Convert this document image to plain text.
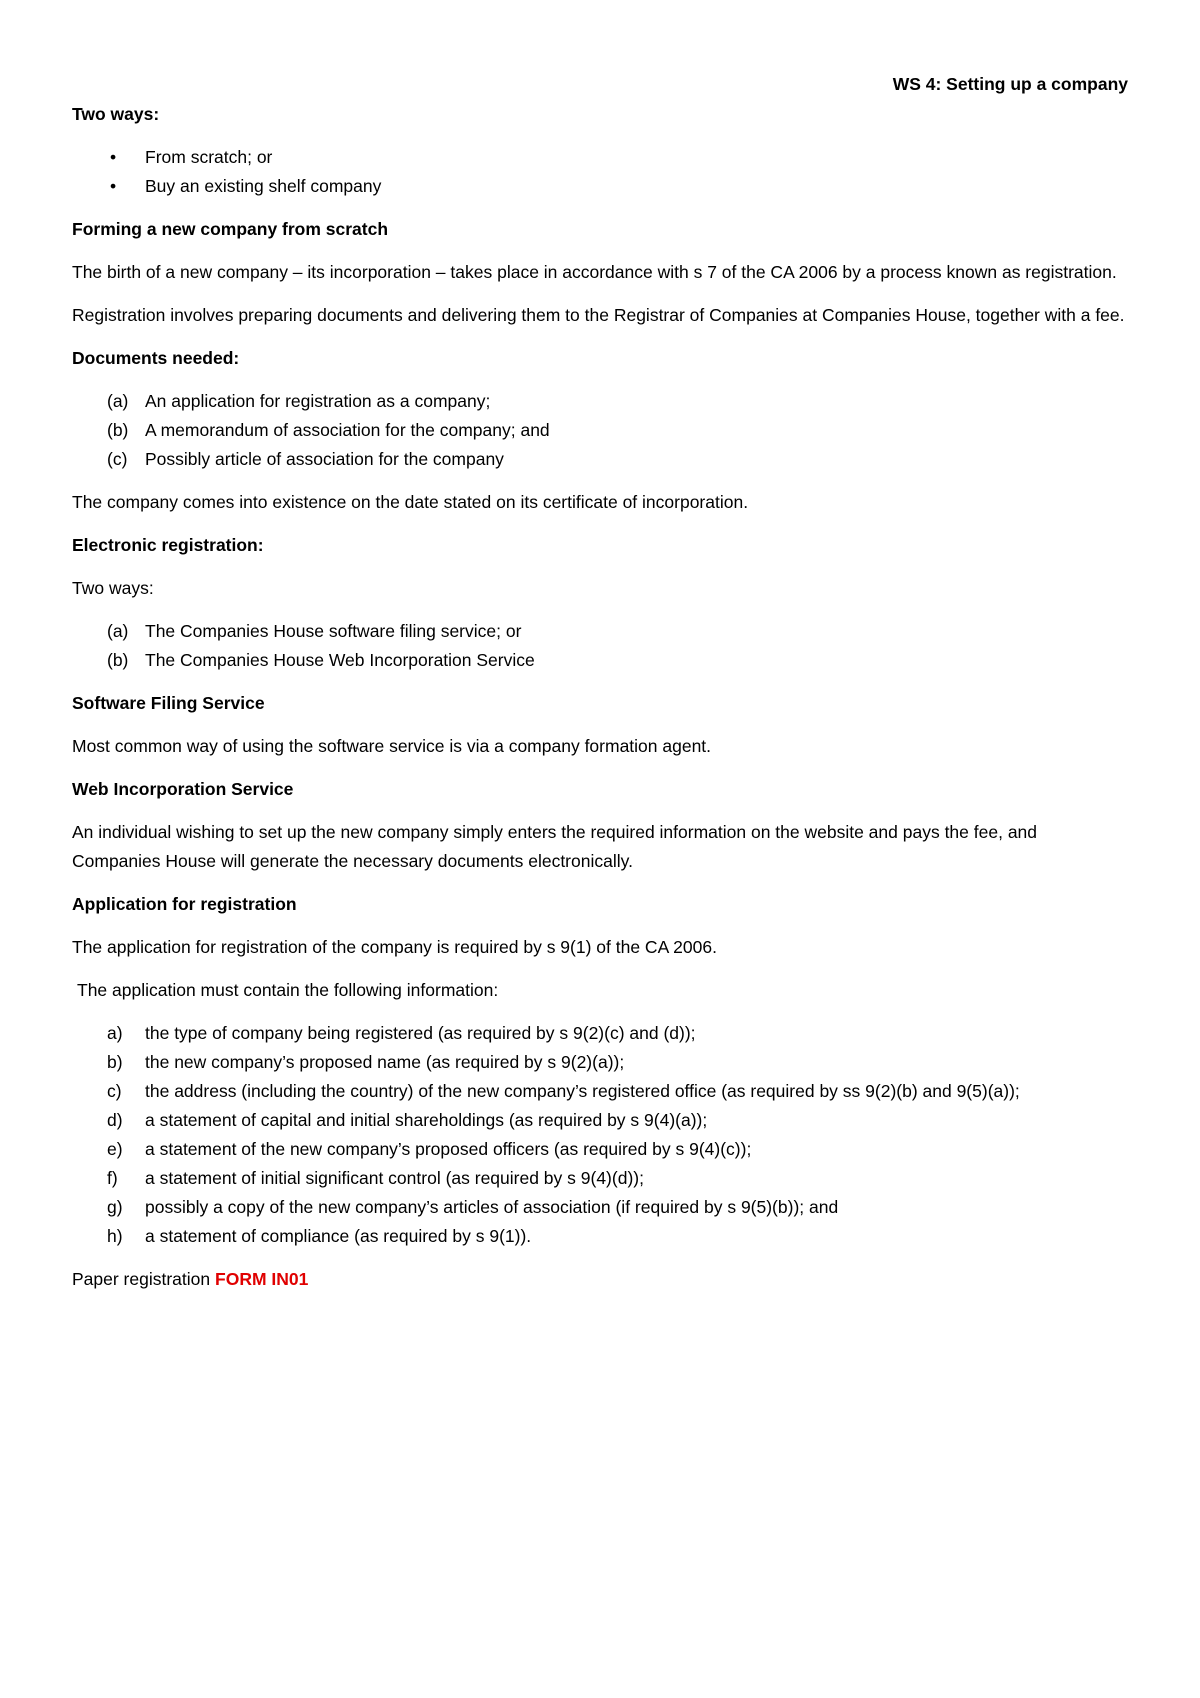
WS 4: Setting up a company

Two ways:

• From scratch; or
• Buy an existing shelf company

Forming a new company from scratch

The birth of a new company – its incorporation – takes place in accordance with s 7 of the CA 2006 by a process known as registration.

Registration involves preparing documents and delivering them to the Registrar of Companies at Companies House, together with a fee.

Documents needed:

(a) An application for registration as a company;
(b) A memorandum of association for the company; and
(c) Possibly article of association for the company

The company comes into existence on the date stated on its certificate of incorporation.

Electronic registration:

Two ways:

(a) The Companies House software filing service; or
(b) The Companies House Web Incorporation Service

Software Filing Service

Most common way of using the software service is via a company formation agent.

Web Incorporation Service

An individual wishing to set up the new company simply enters the required information on the website and pays the fee, and Companies House will generate the necessary documents electronically.

Application for registration

The application for registration of the company is required by s 9(1) of the CA 2006.

The application must contain the following information:

a) the type of company being registered (as required by s 9(2)(c) and (d));
b) the new company’s proposed name (as required by s 9(2)(a));
c) the address (including the country) of the new company’s registered office (as required by ss 9(2)(b) and 9(5)(a));
d) a statement of capital and initial shareholdings (as required by s 9(4)(a));
e) a statement of the new company’s proposed officers (as required by s 9(4)(c));
f) a statement of initial significant control (as required by s 9(4)(d));
g) possibly a copy of the new company’s articles of association (if required by s 9(5)(b)); and
h) a statement of compliance (as required by s 9(1)).

Paper registration FORM IN01
